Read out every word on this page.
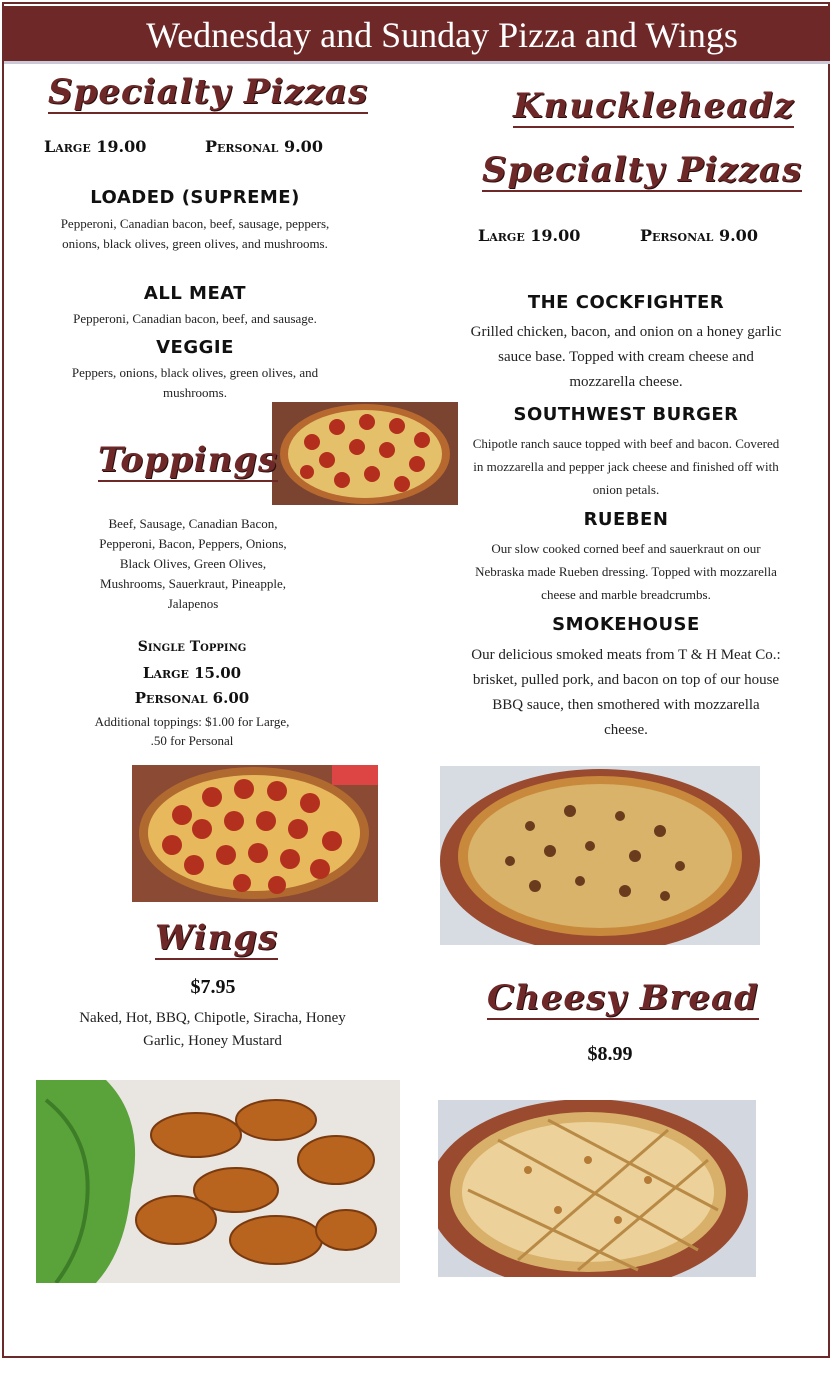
Wednesday and Sunday Pizza and Wings
Specialty Pizzas
Large 19.00	Personal 9.00
LOADED (SUPREME)
Pepperoni, Canadian bacon, beef, sausage, peppers, onions, black olives, green olives, and mushrooms.
ALL MEAT
Pepperoni, Canadian bacon, beef, and sausage.
VEGGIE
Peppers, onions, black olives, green olives, and mushrooms.
Toppings
Beef, Sausage, Canadian Bacon, Pepperoni, Bacon, Peppers, Onions, Black Olives, Green Olives, Mushrooms, Sauerkraut, Pineapple, Jalapenos
Single Topping
Large 15.00
Personal 6.00
Additional toppings: $1.00 for Large, .50 for Personal
Wings
$7.95
Naked, Hot, BBQ, Chipotle, Siracha, Honey Garlic, Honey Mustard
Knuckleheadz
Specialty Pizzas
Large 19.00	Personal 9.00
THE COCKFIGHTER
Grilled chicken, bacon, and onion on a honey garlic sauce base. Topped with cream cheese and mozzarella cheese.
SOUTHWEST BURGER
Chipotle ranch sauce topped with beef and bacon. Covered in mozzarella and pepper jack cheese and finished off with onion petals.
RUEBEN
Our slow cooked corned beef and sauerkraut on our Nebraska made Rueben dressing. Topped with mozzarella cheese and marble breadcrumbs.
SMOKEHOUSE
Our delicious smoked meats from T & H Meat Co.: brisket, pulled pork, and bacon on top of our house BBQ sauce, then smothered with mozzarella cheese.
Cheesy Bread
$8.99
